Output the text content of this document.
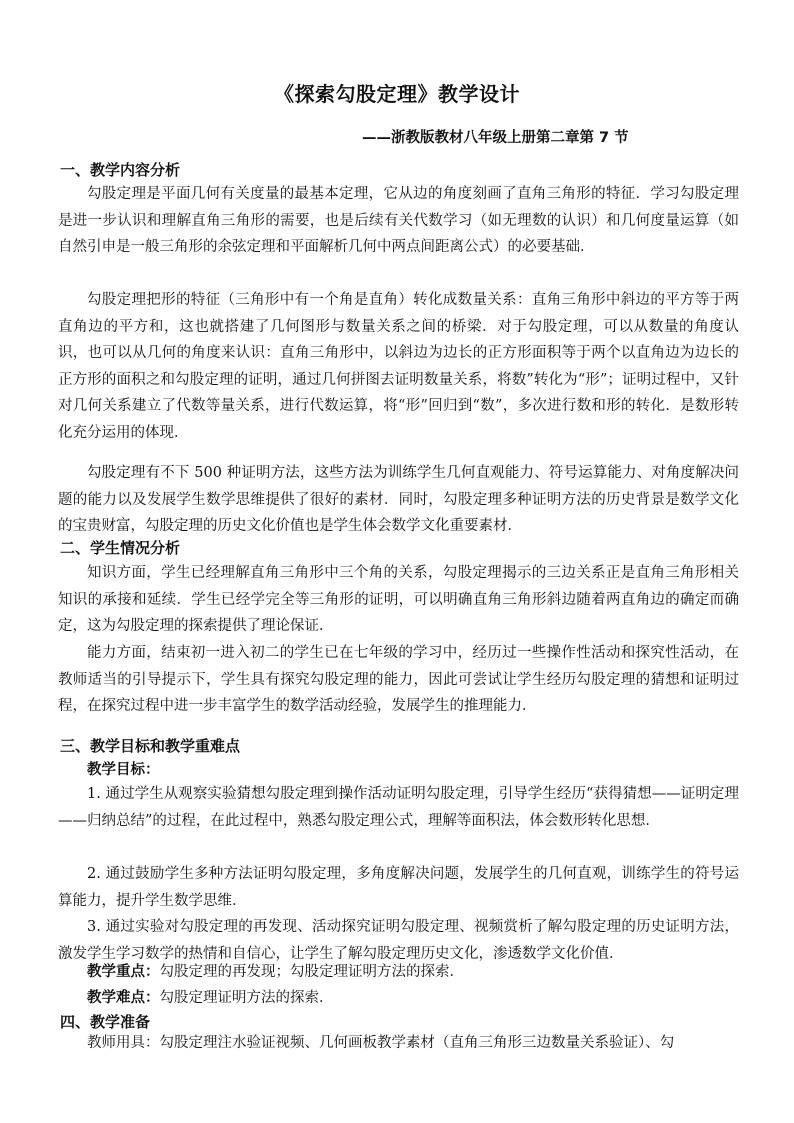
《探索勾股定理》教学设计
——浙教版教材八年级上册第二章第 7 节
一、教学内容分析

勾股定理是平面几何有关度量的最基本定理，它从边的角度刻画了直角三角形的特征．学习勾股定理是进一步认识和理解直角三角形的需要，也是后续有关代数学习（如无理数的认识）和几何度量运算（如自然引申是一般三角形的余弦定理和平面解析几何中两点间距离公式）的必要基础．

勾股定理把形的特征（三角形中有一个角是直角）转化成数量关系：直角三角形中斜边的平方等于两直角边的平方和，这也就搭建了几何图形与数量关系之间的桥梁．对于勾股定理，可以从数量的角度认识，也可以从几何的角度来认识：直角三角形中，以斜边为边长的正方形面积等于两个以直角边为边长的正方形的面积之和勾股定理的证明，通过几何拼图去证明数量关系，将数”转化为“形”；证明过程中，又针对几何关系建立了代数等量关系，进行代数运算，将“形”回归到“数”，多次进行数和形的转化．是数形转化充分运用的体现．

勾股定理有不下 500 种证明方法，这些方法为训练学生几何直观能力、符号运算能力、对角度解决问题的能力以及发展学生数学思维提供了很好的素材．同时，勾股定理多种证明方法的历史背景是数学文化的宝贵财富，勾股定理的历史文化价值也是学生体会数学文化重要素材．

二、学生情况分析

知识方面，学生已经理解直角三角形中三个角的关系，勾股定理揭示的三边关系正是直角三角形相关知识的承接和延续．学生已经学完全等三角形的证明，可以明确直角三角形斜边随着两直角边的确定而确定，这为勾股定理的探索提供了理论保证．

能力方面，结束初一进入初二的学生已在七年级的学习中，经历过一些操作性活动和探究性活动，在教师适当的引导提示下，学生具有探究勾股定理的能力，因此可尝试让学生经历勾股定理的猜想和证明过程，在探究过程中进一步丰富学生的数学活动经验，发展学生的推理能力．

三、教学目标和教学重难点
教学目标：

1. 通过学生从观察实验猜想勾股定理到操作活动证明勾股定理，引导学生经历“获得猜想——证明定理——归纳总结”的过程，在此过程中，熟悉勾股定理公式，理解等面积法，体会数形转化思想．

2. 通过鼓励学生多种方法证明勾股定理，多角度解决问题，发展学生的几何直观，训练学生的符号运算能力，提升学生数学思维．

3. 通过实验对勾股定理的再发现、活动探究证明勾股定理、视频赏析了解勾股定理的历史证明方法，激发学生学习数学的热情和自信心，让学生了解勾股定理历史文化，渗透数学文化价值．

教学重点：勾股定理的再发现；勾股定理证明方法的探索．
教学难点：勾股定理证明方法的探索．
四、教学准备

教师用具：勾股定理注水验证视频、几何画板教学素材（直角三角形三边数量关系验证）、勾
